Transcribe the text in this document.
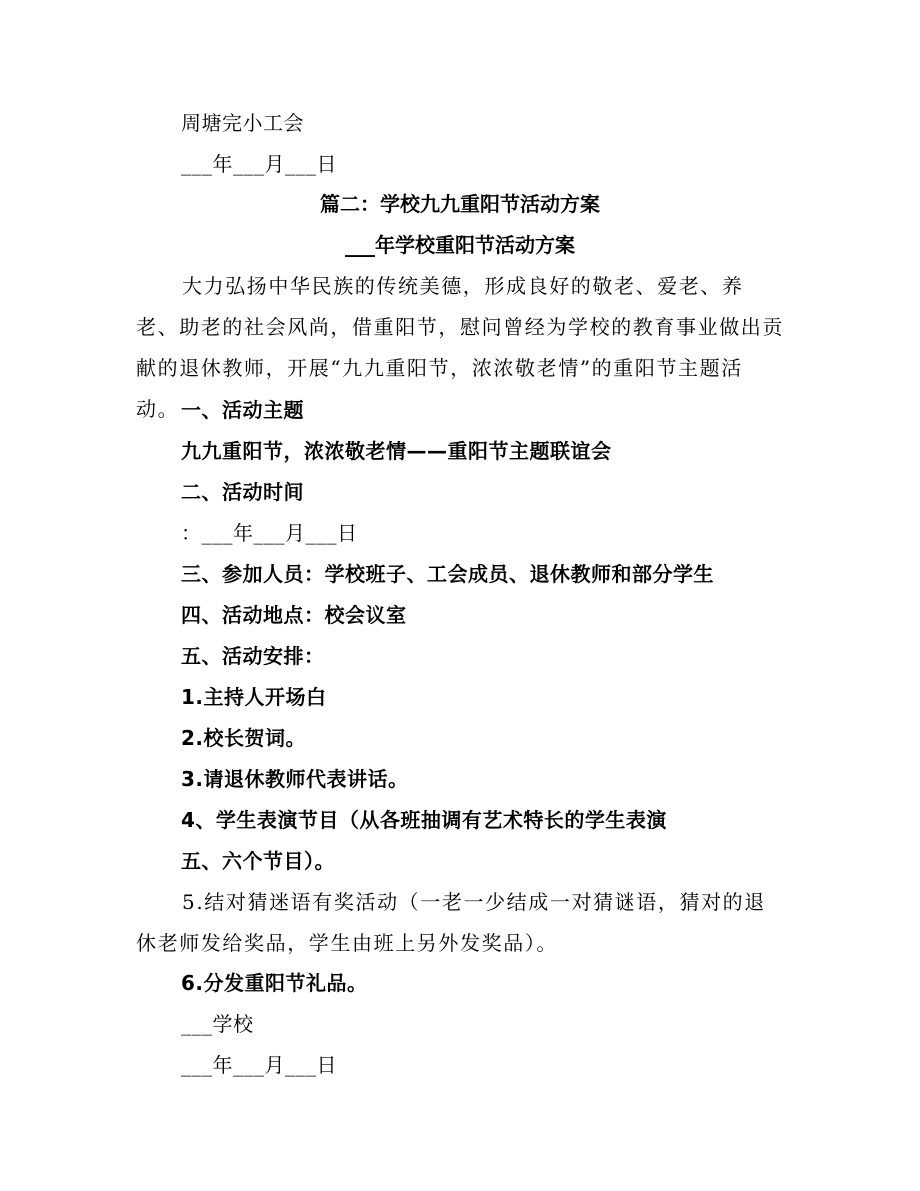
周塘完小工会
___年___月___日
篇二：学校九九重阳节活动方案
___年学校重阳节活动方案
大力弘扬中华民族的传统美德，形成良好的敬老、爱老、养老、助老的社会风尚，借重阳节，慰问曾经为学校的教育事业做出贡献的退休教师，开展“九九重阳节，浓浓敬老情”的重阳节主题活动。 一、活动主题
九九重阳节，浓浓敬老情——重阳节主题联谊会
二、活动时间
：___年___月___日
三、参加人员：学校班子、工会成员、退休教师和部分学生
四、活动地点：校会议室
五、活动安排：
1.主持人开场白
2.校长贺词。
3.请退休教师代表讲话。
4、学生表演节目（从各班抽调有艺术特长的学生表演
五、六个节目）。
5.结对猜迷语有奖活动（一老一少结成一对猜谜语，猜对的退休老师发给奖品，学生由班上另外发奖品）。
6.分发重阳节礼品。
___学校
___年___月___日
